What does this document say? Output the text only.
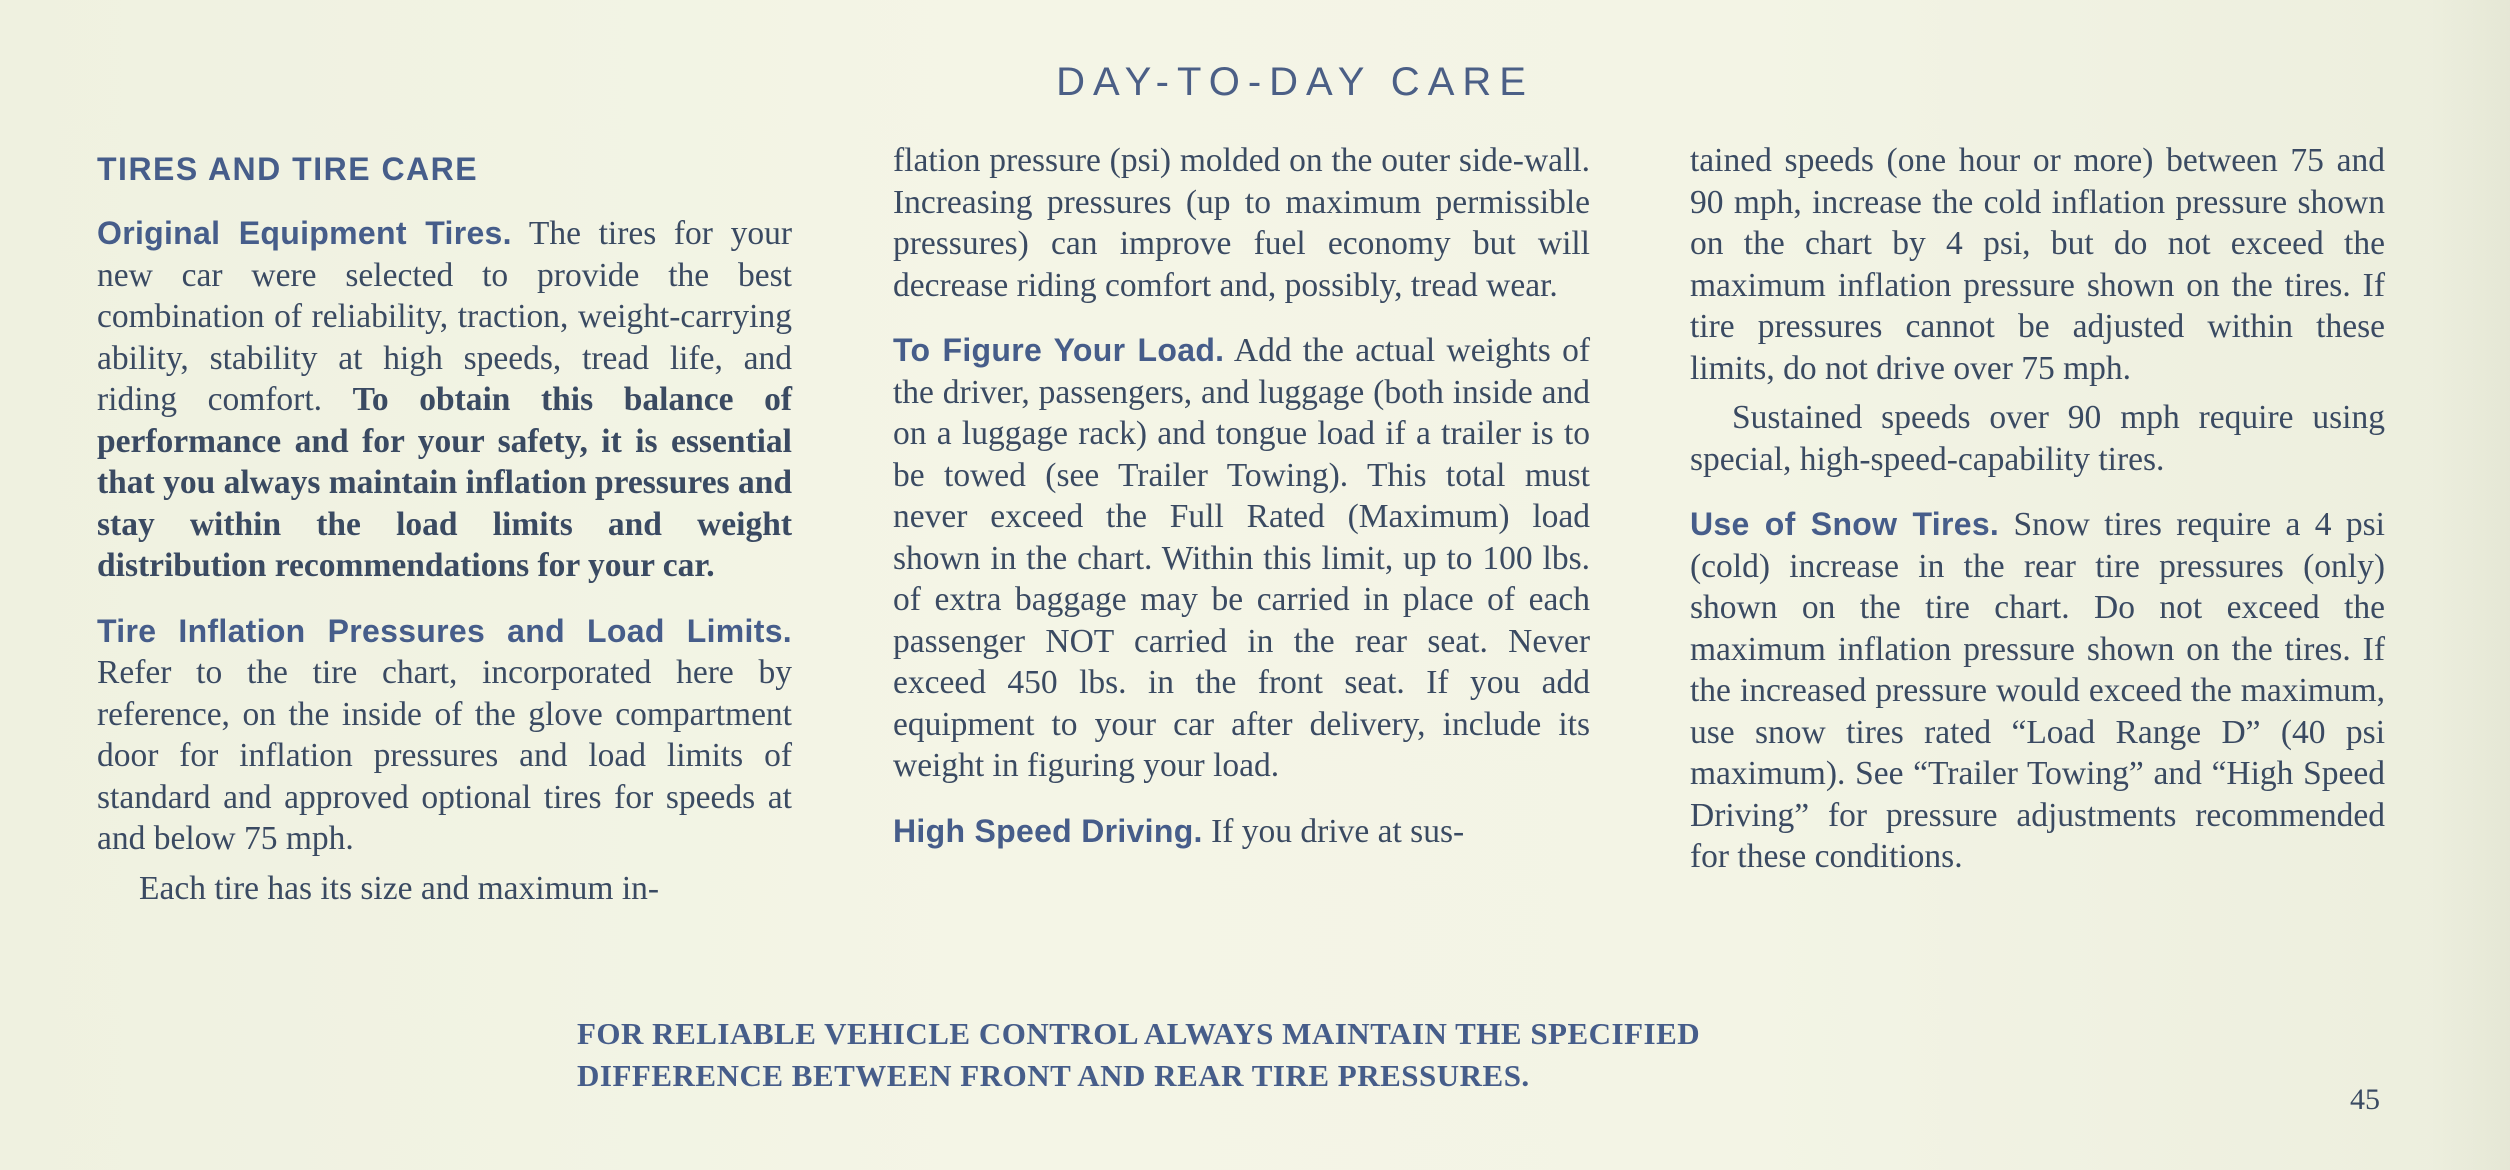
DAY-TO-DAY CARE
TIRES AND TIRE CARE

Original Equipment Tires. The tires for your new car were selected to provide the best combination of reliability, traction, weight-carrying ability, stability at high speeds, tread life, and riding comfort. To obtain this balance of performance and for your safety, it is essential that you always maintain inflation pressures and stay within the load limits and weight distribution recommendations for your car.

Tire Inflation Pressures and Load Limits. Refer to the tire chart, incorporated here by reference, on the inside of the glove compartment door for inflation pressures and load limits of standard and approved optional tires for speeds at and below 75 mph.

Each tire has its size and maximum in-

flation pressure (psi) molded on the outer side-wall. Increasing pressures (up to maximum permissible pressures) can improve fuel economy but will decrease riding comfort and, possibly, tread wear.

To Figure Your Load. Add the actual weights of the driver, passengers, and luggage (both inside and on a luggage rack) and tongue load if a trailer is to be towed (see Trailer Towing). This total must never exceed the Full Rated (Maximum) load shown in the chart. Within this limit, up to 100 lbs. of extra baggage may be carried in place of each passenger NOT carried in the rear seat. Never exceed 450 lbs. in the front seat. If you add equipment to your car after delivery, include its weight in figuring your load.

High Speed Driving. If you drive at sus-

tained speeds (one hour or more) between 75 and 90 mph, increase the cold inflation pressure shown on the chart by 4 psi, but do not exceed the maximum inflation pressure shown on the tires. If tire pressures cannot be adjusted within these limits, do not drive over 75 mph.

Sustained speeds over 90 mph require using special, high-speed-capability tires.

Use of Snow Tires. Snow tires require a 4 psi (cold) increase in the rear tire pressures (only) shown on the tire chart. Do not exceed the maximum inflation pressure shown on the tires. If the increased pressure would exceed the maximum, use snow tires rated “Load Range D” (40 psi maximum). See “Trailer Towing” and “High Speed Driving” for pressure adjustments recommended for these conditions.

FOR RELIABLE VEHICLE CONTROL ALWAYS MAINTAIN THE SPECIFIED
DIFFERENCE BETWEEN FRONT AND REAR TIRE PRESSURES.
45
